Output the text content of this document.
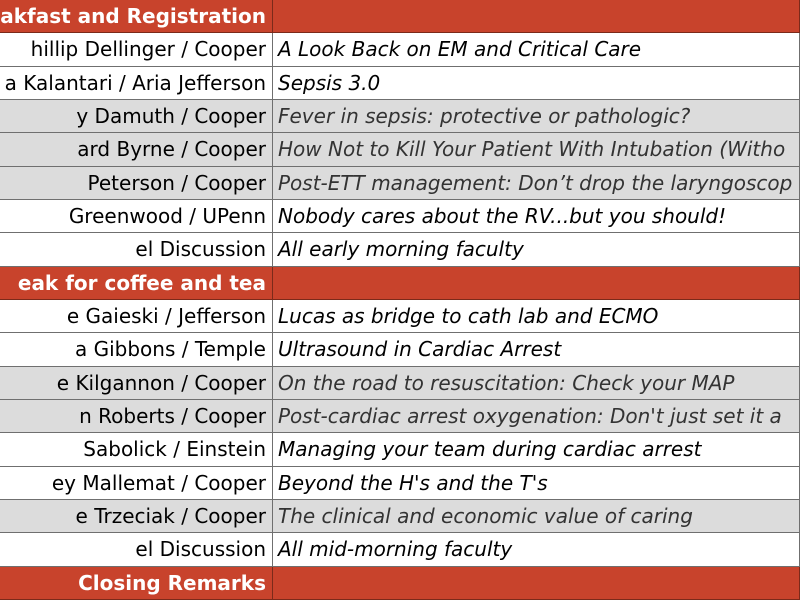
akfast and Registration
hillip Dellinger / Cooper A Look Back on EM and Critical Care
a Kalantari / Aria Jefferson Sepsis 3.0
y Damuth / Cooper Fever in sepsis: protective or pathologic?
ard Byrne / Cooper How Not to Kill Your Patient With Intubation (Witho
Peterson / Cooper Post-ETT management: Don’t drop the laryngoscop
Greenwood / UPenn Nobody cares about the RV...but you should!
el Discussion All early morning faculty
eak for coffee and tea
e Gaieski / Jefferson Lucas as bridge to cath lab and ECMO
a Gibbons / Temple Ultrasound in Cardiac Arrest
e Kilgannon / Cooper On the road to resuscitation: Check your MAP
n Roberts / Cooper Post-cardiac arrest oxygenation: Don't just set it a
Sabolick / Einstein Managing your team during cardiac arrest
ey Mallemat / Cooper Beyond the H's and the T's
e Trzeciak / Cooper The clinical and economic value of caring
el Discussion All mid-morning faculty
Closing Remarks
